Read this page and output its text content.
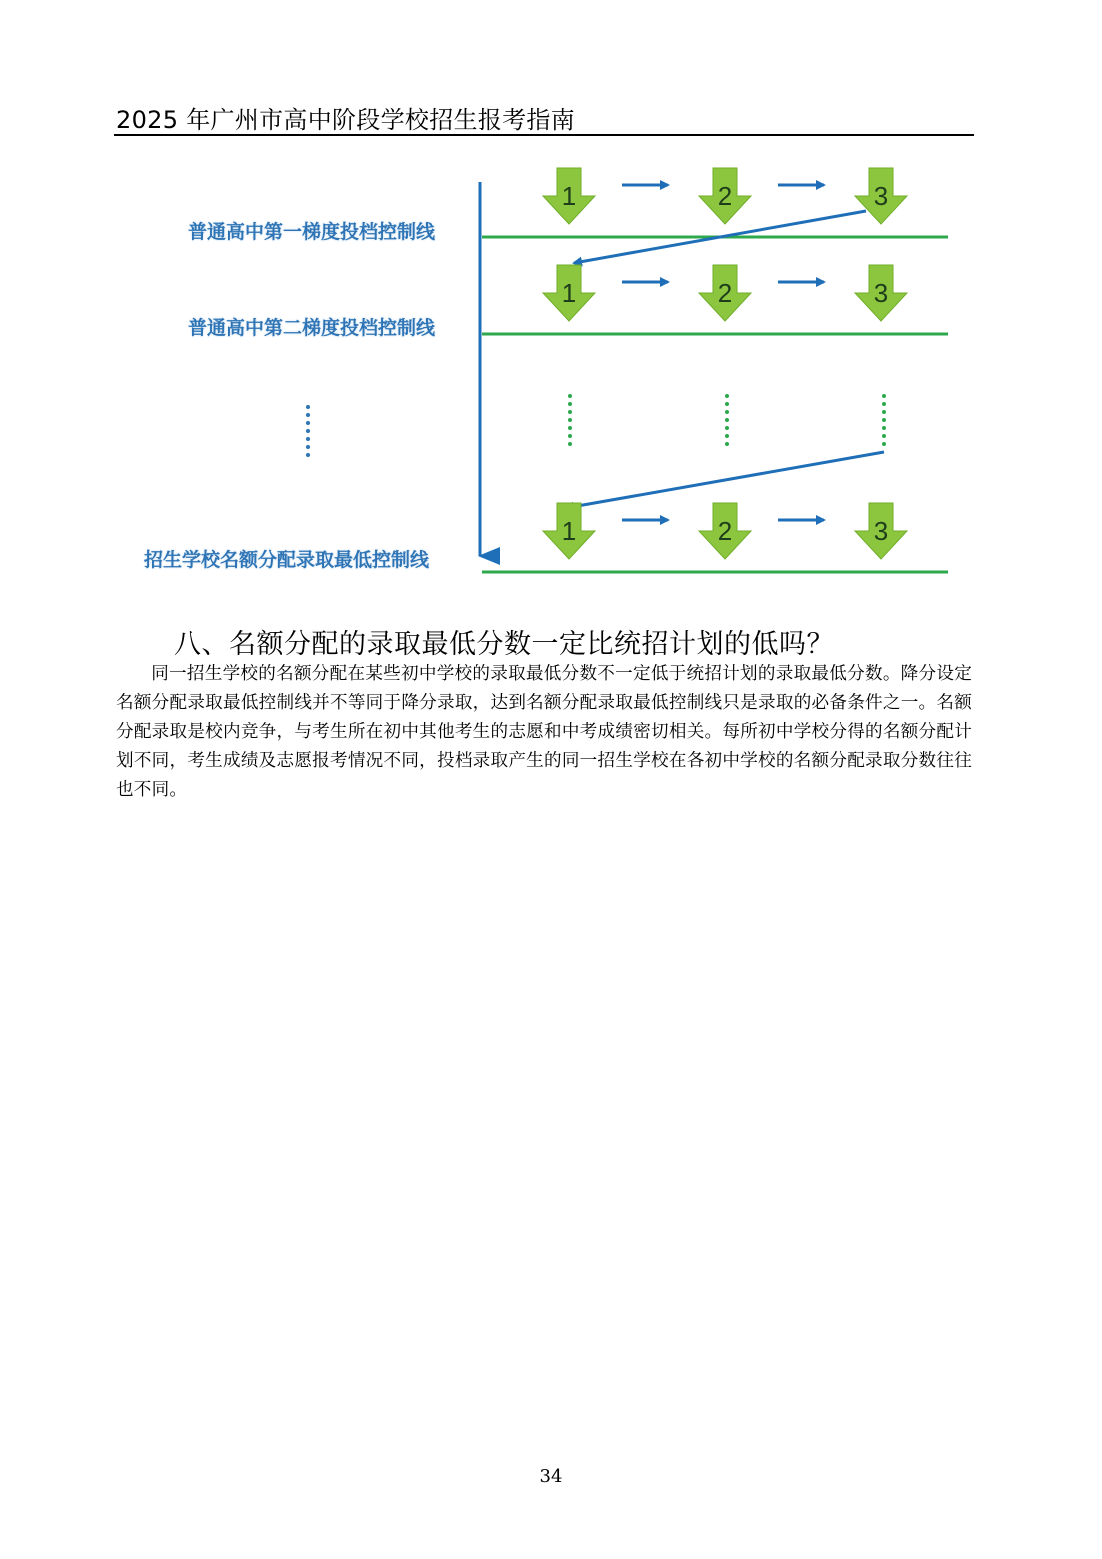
2025 年广州市高中阶段学校招生报考指南
1	2	3
1	2	3
1	2	3
普通高中第一梯度投档控制线
普通高中第二梯度投档控制线
招生学校名额分配录取最低控制线
八、名额分配的录取最低分数一定比统招计划的低吗？
同一招生学校的名额分配在某些初中学校的录取最低分数不一定低于统招计划的录取最低分数。降分设定名额分配录取最低控制线并不等同于降分录取，达到名额分配录取最低控制线只是录取的必备条件之一。名额分配录取是校内竞争，与考生所在初中其他考生的志愿和中考成绩密切相关。每所初中学校分得的名额分配计划不同，考生成绩及志愿报考情况不同，投档录取产生的同一招生学校在各初中学校的名额分配录取分数往往也不同。
34
